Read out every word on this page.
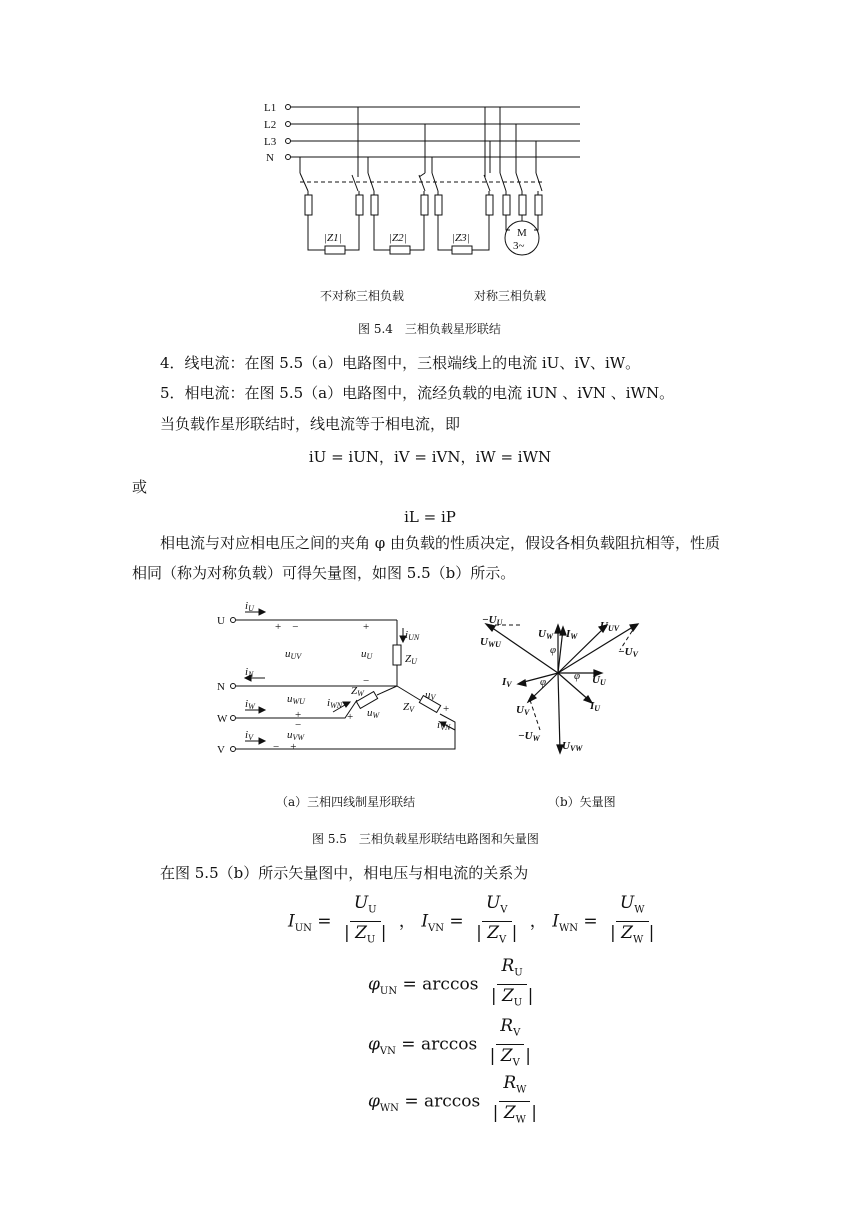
L1
L2
L3
N
|Z1|	|Z2|	|Z3|	M
3~
不对称三相负载	对称三相负载
图 5.4　三相负载星形联结
4．线电流：在图 5.5（a）电路图中，三根端线上的电流 iU、iV、iW。
5．相电流：在图 5.5（a）电路图中，流经负载的电流 iUN 、iVN 、iWN。
当负载作星形联结时，线电流等于相电流，即
iU = iUN，iV = iVN，iW = iWN
或
iL = iP
相电流与对应相电压之间的夹角 φ 由负载的性质决定，假设各相负载阻抗相等，性质
相同（称为对称负载）可得矢量图，如图 5.5（b）所示。
U
N
W
V
iU
iN
iW
iV
+　−	+
uUV	uU
iUN
ZU
−
uWU
+
−
iWN
ZW
uW
+
uV
ZV	+
iVN
uVW
−　+
−UU
UWU
UW IW
UUV
−UV
IV	UU
IU
UV
−UW
UVW
φ
φ	φ
（a）三相四线制星形联结	（b）矢量图
图 5.5　三相负载星形联结电路图和矢量图
在图 5.5（b）所示矢量图中，相电压与相电流的关系为
$I_{UN} = \frac{U_U}{| Z_U |}$ ， $I_{VN} = \frac{U_V}{| Z_V |}$ ， $I_{WN} = \frac{U_W}{| Z_W |}$
$\varphi_{UN} = \arccos \frac{R_U}{| Z_U |}$
$\varphi_{VN} = \arccos \frac{R_V}{| Z_V |}$
$\varphi_{WN} = \arccos \frac{R_W}{| Z_W |}$
